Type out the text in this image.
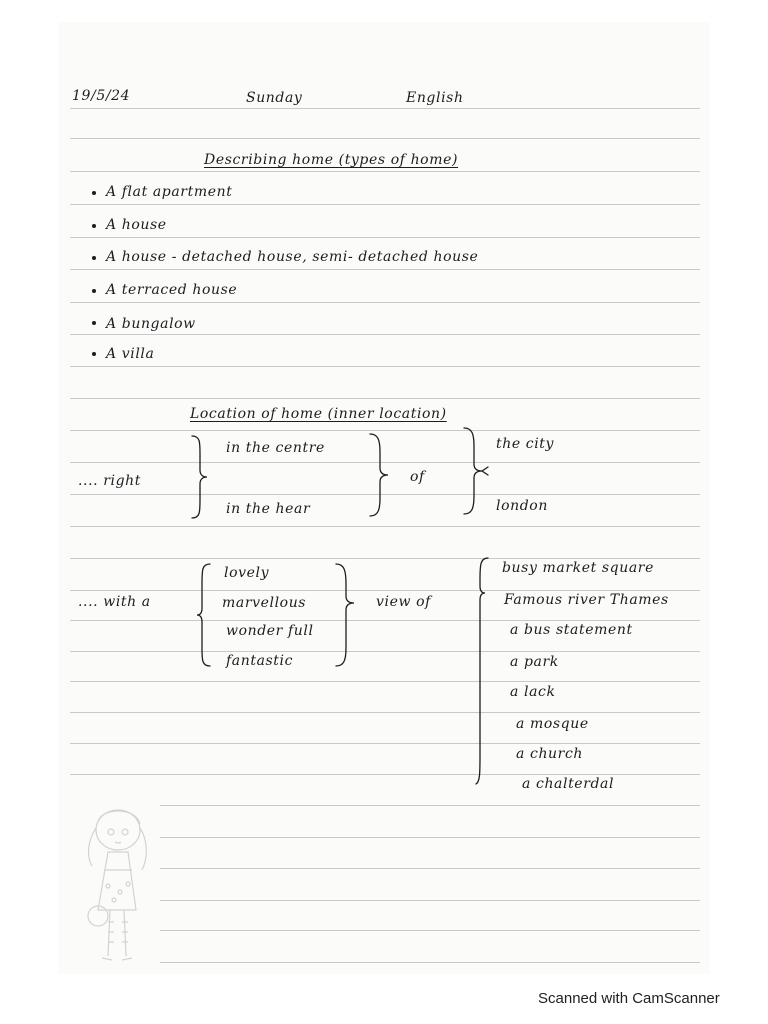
19/5/24	Sunday	English
Describing home (types of home)
A flat apartment
A house
A house - detached house, semi- detached house
A terraced house
A bungalow
A villa
Location of home (inner location)
.... right
in the centre
in the hear
of
the city
london
.... with a
lovely
marvellous
wonder full
fantastic
view of
busy market square
Famous river Thames
a bus statement
a park
a lack
a mosque
a church
a chalterdal
Scanned with CamScanner
